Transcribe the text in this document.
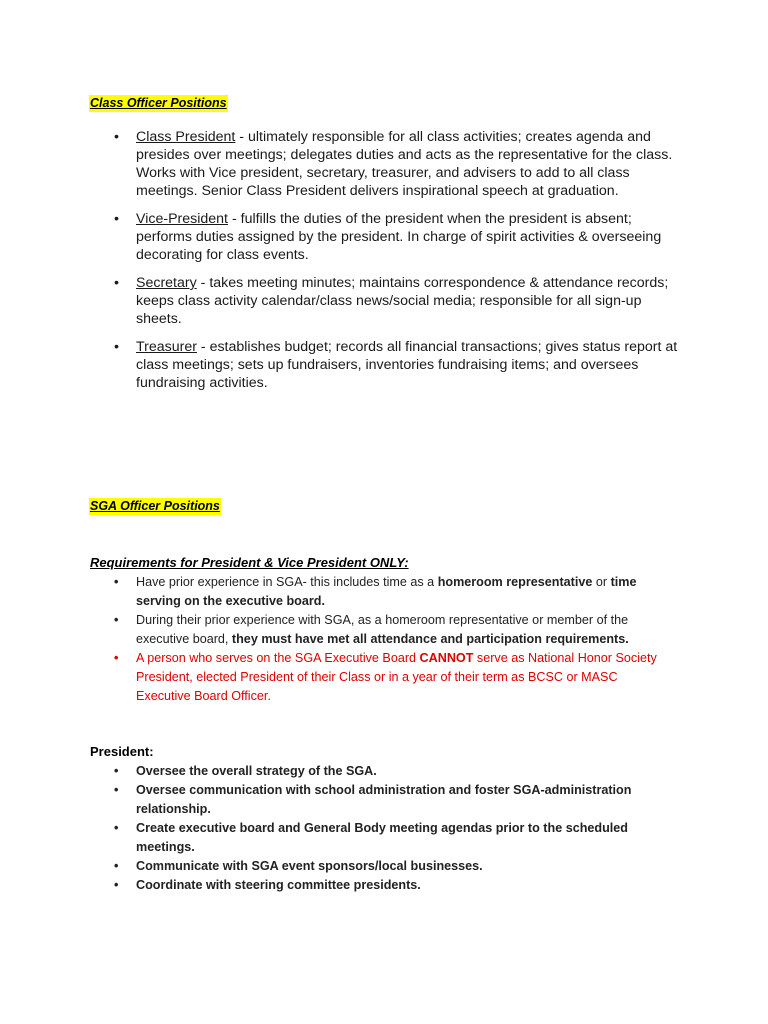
Class Officer Positions
• Class President - ultimately responsible for all class activities; creates agenda and presides over meetings; delegates duties and acts as the representative for the class. Works with Vice president, secretary, treasurer, and advisers to add to all class meetings. Senior Class President delivers inspirational speech at graduation.
• Vice-President - fulfills the duties of the president when the president is absent; performs duties assigned by the president. In charge of spirit activities & overseeing decorating for class events.
• Secretary - takes meeting minutes; maintains correspondence & attendance records; keeps class activity calendar/class news/social media; responsible for all sign-up sheets.
• Treasurer - establishes budget; records all financial transactions; gives status report at class meetings; sets up fundraisers, inventories fundraising items; and oversees fundraising activities.
SGA Officer Positions
Requirements for President & Vice President ONLY:
• Have prior experience in SGA- this includes time as a homeroom representative or time serving on the executive board.
• During their prior experience with SGA, as a homeroom representative or member of the executive board, they must have met all attendance and participation requirements.
• A person who serves on the SGA Executive Board CANNOT serve as National Honor Society President, elected President of their Class or in a year of their term as BCSC or MASC Executive Board Officer.
President:
• Oversee the overall strategy of the SGA.
• Oversee communication with school administration and foster SGA-administration relationship.
• Create executive board and General Body meeting agendas prior to the scheduled meetings.
• Communicate with SGA event sponsors/local businesses.
• Coordinate with steering committee presidents.
